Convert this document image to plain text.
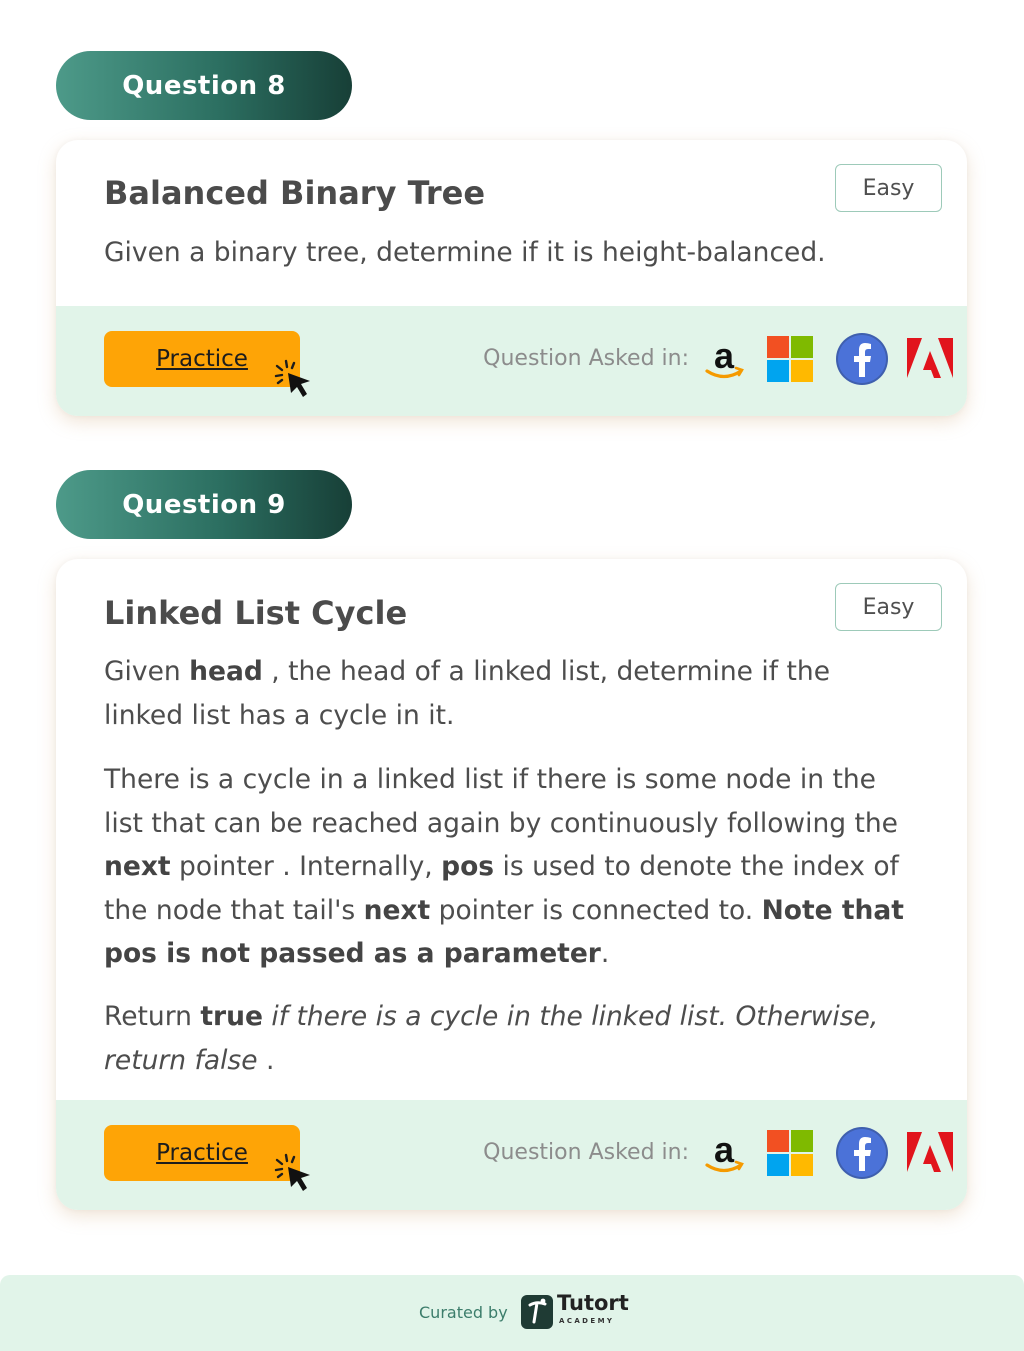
Question 8
Balanced Binary Tree	Easy
Given a binary tree, determine if it is height-balanced.
Practice	Question Asked in: a
Question 9
Linked List Cycle	Easy
Given head , the head of a linked list, determine if the linked list has a cycle in it.
There is a cycle in a linked list if there is some node in the list that can be reached again by continuously following the next pointer . Internally, pos is used to denote the index of the node that tail's next pointer is connected to. Note that pos is not passed as a parameter.
Return true if there is a cycle in the linked list. Otherwise, return false .
Practice	Question Asked in: a
Curated by Tutort
ACADEMY
